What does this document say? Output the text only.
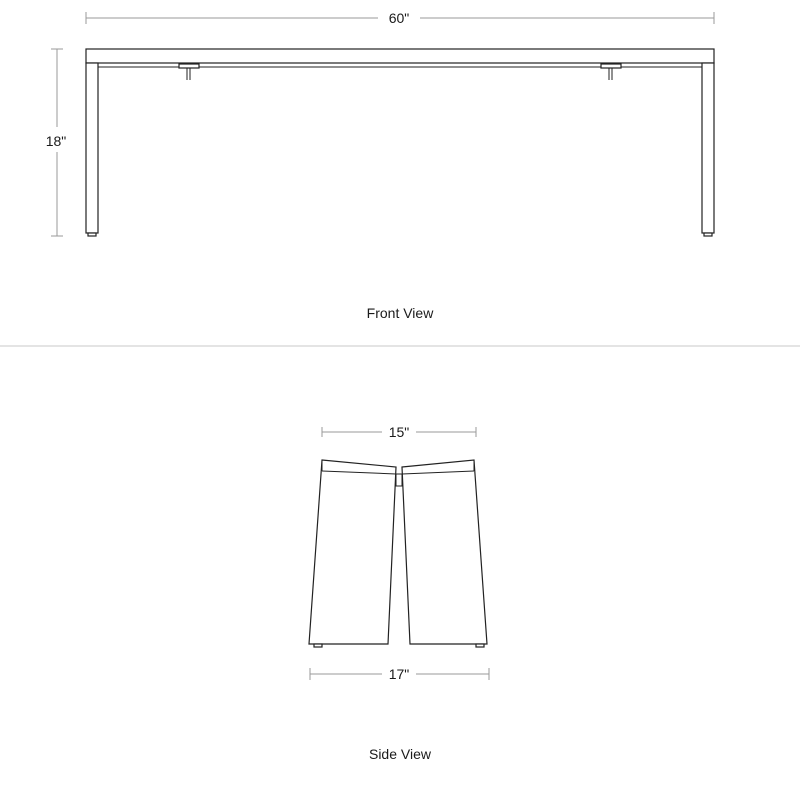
60"
18"
Front View
15"
17"
Side View
